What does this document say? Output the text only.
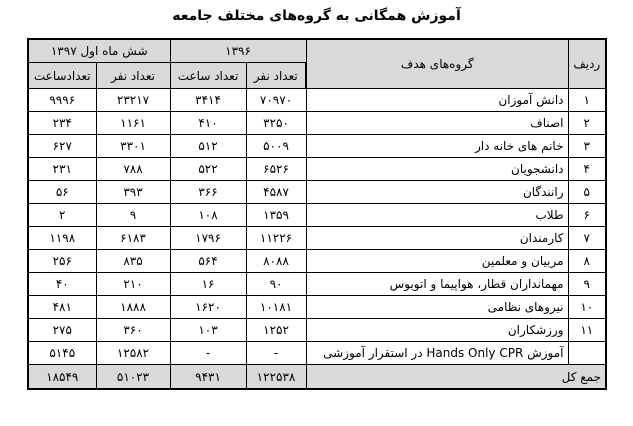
آموزش همگانی به گروه‌های مختلف جامعه
ردیف	گروه‌های هدف	۱۳۹۶		شش ماه اول ۱۳۹۷	
		تعداد نفر	تعداد ساعت	تعداد نفر	تعدادساعت
۱	دانش آموزان	۷۰۹۷۰	۳۴۱۴	۲۳۲۱۷	۹۹۹۶
۲	اصناف	۳۲۵۰	۴۱۰	۱۱۶۱	۲۳۴
۳	خانم های خانه دار	۵۰۰۹	۵۱۲	۳۳۰۱	۶۲۷
۴	دانشجویان	۶۵۲۶	۵۲۲	۷۸۸	۲۳۱
۵	رانندگان	۴۵۸۷	۳۶۶	۳۹۳	۵۶
۶	طلاب	۱۳۵۹	۱۰۸	۹	۲
۷	کارمندان	۱۱۲۲۶	۱۷۹۶	۶۱۸۳	۱۱۹۸
۸	مربیان و معلمین	۸۰۸۸	۵۶۴	۸۳۵	۲۵۶
۹	مهمانداران قطار، هواپیما و اتوبوس	۹۰	۱۶	۲۱۰	۴۰
۱۰	نیروهای نظامی	۱۰۱۸۱	۱۶۲۰	۱۸۸۸	۴۸۱
۱۱	ورزشکاران	۱۲۵۲	۱۰۳	۳۶۰	۲۷۵
	آموزش Hands Only CPR در استقرار آموزشی	-	-	۱۲۵۸۲	۵۱۴۵
جمع کل		۱۲۲۵۳۸	۹۴۳۱	۵۱۰۲۳	۱۸۵۴۹
